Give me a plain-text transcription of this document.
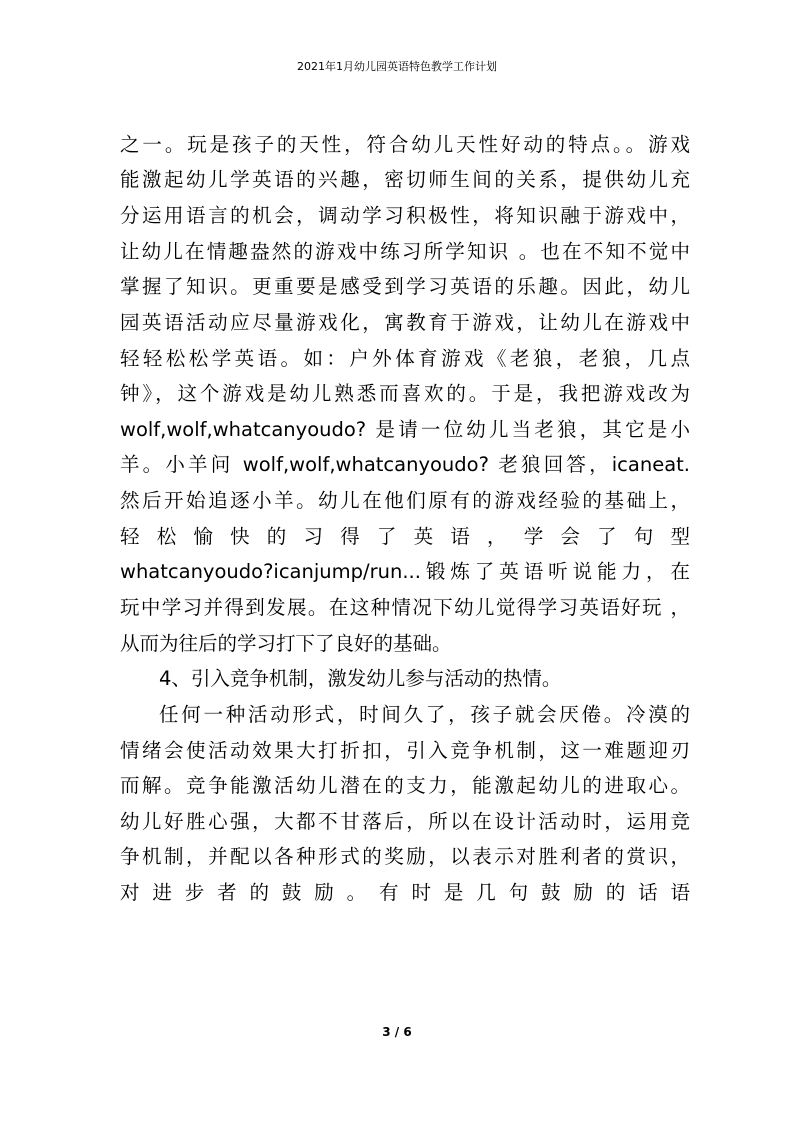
2021年1月幼儿园英语特色教学工作计划
之一。玩是孩子的天性，符合幼儿天性好动的特点。。游戏
能激起幼儿学英语的兴趣，密切师生间的关系，提供幼儿充
分运用语言的机会，调动学习积极性，将知识融于游戏中，
让幼儿在情趣盎然的游戏中练习所学知识 。也在不知不觉中
掌握了知识。更重要是感受到学习英语的乐趣。因此，幼儿
园英语活动应尽量游戏化，寓教育于游戏，让幼儿在游戏中
轻轻松松学英语。如：户外体育游戏《老狼，老狼，几点
钟》，这个游戏是幼儿熟悉而喜欢的。于是，我把游戏改为
wolf,wolf,whatcanyoudo? 是请一位幼儿当老狼，其它是小
羊。小羊问 wolf,wolf,whatcanyoudo? 老狼回答，icaneat.
然后开始追逐小羊。幼儿在他们原有的游戏经验的基础上，
轻 松 愉 快 的 习 得 了 英 语 ， 学 会 了 句 型
whatcanyoudo?icanjump/run...锻炼了英语听说能力，在
玩中学习并得到发展。在这种情况下幼儿觉得学习英语好玩 ，
从而为往后的学习打下了良好的基础。
4、引入竞争机制，激发幼儿参与活动的热情。
任何一种活动形式，时间久了，孩子就会厌倦。冷漠的
情绪会使活动效果大打折扣，引入竞争机制，这一难题迎刃
而解。竞争能激活幼儿潜在的支力，能激起幼儿的进取心。
幼儿好胜心强，大都不甘落后，所以在设计活动时，运用竞
争机制，并配以各种形式的奖励，以表示对胜利者的赏识，
对 进 步 者 的 鼓 励 。 有 时 是 几 句 鼓 励 的 话 语
3 / 6
